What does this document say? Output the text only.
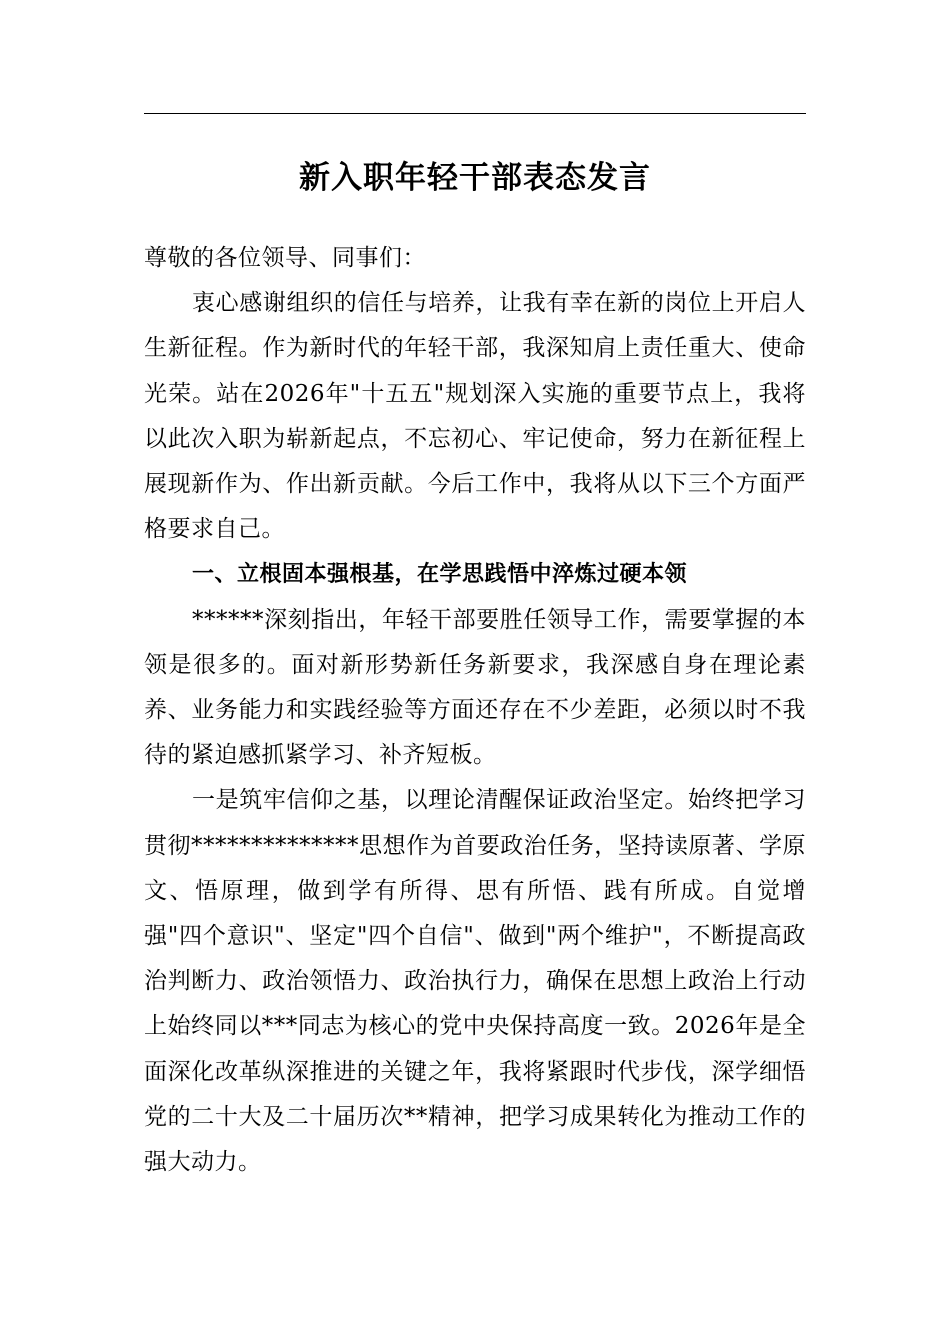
新入职年轻干部表态发言

尊敬的各位领导、同事们：

衷心感谢组织的信任与培养，让我有幸在新的岗位上开启人生新征程。作为新时代的年轻干部，我深知肩上责任重大、使命光荣。站在2026年"十五五"规划深入实施的重要节点上，我将以此次入职为崭新起点，不忘初心、牢记使命，努力在新征程上展现新作为、作出新贡献。今后工作中，我将从以下三个方面严格要求自己。

一、立根固本强根基，在学思践悟中淬炼过硬本领

******深刻指出，年轻干部要胜任领导工作，需要掌握的本领是很多的。面对新形势新任务新要求，我深感自身在理论素养、业务能力和实践经验等方面还存在不少差距，必须以时不我待的紧迫感抓紧学习、补齐短板。

一是筑牢信仰之基，以理论清醒保证政治坚定。始终把学习贯彻**************思想作为首要政治任务，坚持读原著、学原文、悟原理，做到学有所得、思有所悟、践有所成。自觉增强"四个意识"、坚定"四个自信"、做到"两个维护"，不断提高政治判断力、政治领悟力、政治执行力，确保在思想上政治上行动上始终同以***同志为核心的党中央保持高度一致。2026年是全面深化改革纵深推进的关键之年，我将紧跟时代步伐，深学细悟党的二十大及二十届历次**精神，把学习成果转化为推动工作的强大动力。
